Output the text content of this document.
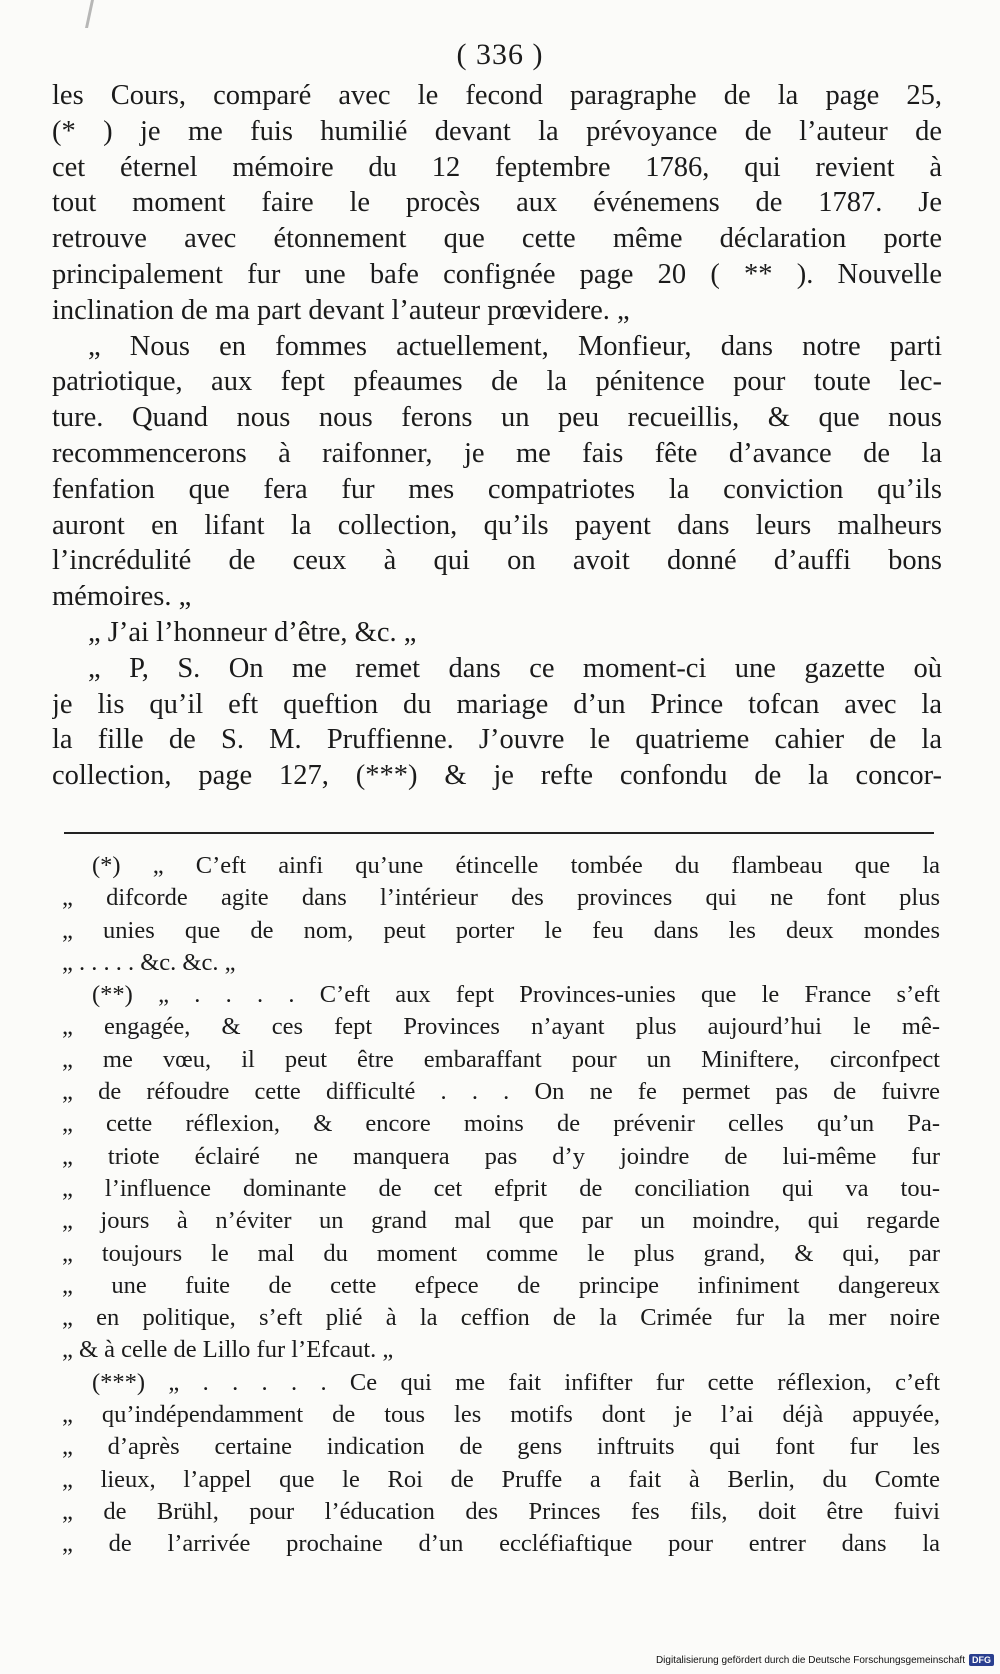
( 336 )
les Cours, comparé avec le fecond paragraphe de la page 25,
(* ) je me fuis humilié devant la prévoyance de l’auteur de
cet éternel mémoire du 12 feptembre 1786, qui revient à
tout moment faire le procès aux événemens de 1787. Je
retrouve avec étonnement que cette même déclaration porte
principalement fur une bafe confignée page 20 ( ** ). Nouvelle
inclination de ma part devant l’auteur prœvidere. „
„ Nous en fommes actuellement, Monfieur, dans notre parti
patriotique, aux fept pfeaumes de la pénitence pour toute lec-
ture. Quand nous nous ferons un peu recueillis, & que nous
recommencerons à raifonner, je me fais fête d’avance de la
fenfation que fera fur mes compatriotes la conviction qu’ils
auront en lifant la collection, qu’ils payent dans leurs malheurs
l’incrédulité de ceux à qui on avoit donné d’auffi bons
mémoires. „
„ J’ai l’honneur d’être, &c. „
„ P, S. On me remet dans ce moment-ci une gazette où
je lis qu’il eft queftion du mariage d’un Prince tofcan avec la
la fille de S. M. Pruffienne. J’ouvre le quatrieme cahier de la
collection, page 127, (***) & je refte confondu de la concor-
(*) „ C’eft ainfi qu’une étincelle tombée du flambeau que la
„ difcorde agite dans l’intérieur des provinces qui ne font plus
„ unies que de nom, peut porter le feu dans les deux mondes
„ . . . . . &c. &c. „
(**) „ . . . . C’eft aux fept Provinces-unies que le France s’eft
„ engagée, & ces fept Provinces n’ayant plus aujourd’hui le mê-
„ me vœu, il peut être embaraffant pour un Miniftere, circonfpect
„ de réfoudre cette difficulté . . . On ne fe permet pas de fuivre
„ cette réflexion, & encore moins de prévenir celles qu’un Pa-
„ triote éclairé ne manquera pas d’y joindre de lui-même fur
„ l’influence dominante de cet efprit de conciliation qui va tou-
„ jours à n’éviter un grand mal que par un moindre, qui regarde
„ toujours le mal du moment comme le plus grand, & qui, par
„ une fuite de cette efpece de principe infiniment dangereux
„ en politique, s’eft plié à la ceffion de la Crimée fur la mer noire
„ & à celle de Lillo fur l’Efcaut. „
(***) „ . . . . . Ce qui me fait infifter fur cette réflexion, c’eft
„ qu’indépendamment de tous les motifs dont je l’ai déjà appuyée,
„ d’après certaine indication de gens inftruits qui font fur les
„ lieux, l’appel que le Roi de Pruffe a fait à Berlin, du Comte
„ de Brühl, pour l’éducation des Princes fes fils, doit être fuivi
„ de l’arrivée prochaine d’un eccléfiaftique pour entrer dans la
Digitalisierung gefördert durch die Deutsche Forschungsgemeinschaft DFG
